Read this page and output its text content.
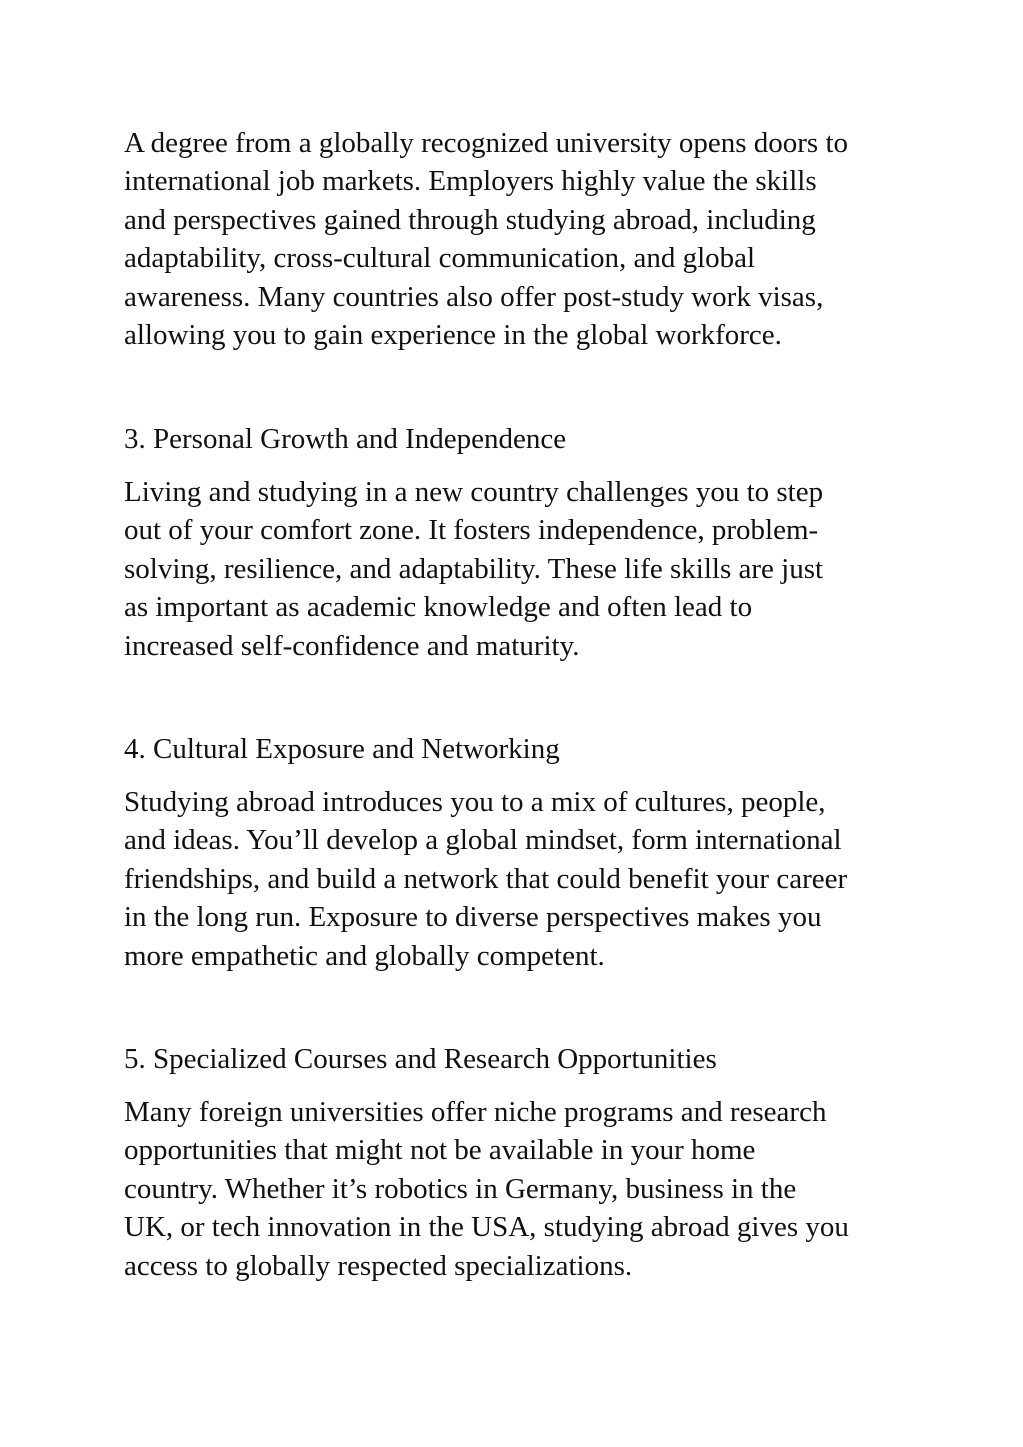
A degree from a globally recognized university opens doors to
international job markets. Employers highly value the skills
and perspectives gained through studying abroad, including
adaptability, cross-cultural communication, and global
awareness. Many countries also offer post-study work visas,
allowing you to gain experience in the global workforce.

3. Personal Growth and Independence

Living and studying in a new country challenges you to step
out of your comfort zone. It fosters independence, problem-
solving, resilience, and adaptability. These life skills are just
as important as academic knowledge and often lead to
increased self-confidence and maturity.

4. Cultural Exposure and Networking

Studying abroad introduces you to a mix of cultures, people,
and ideas. You’ll develop a global mindset, form international
friendships, and build a network that could benefit your career
in the long run. Exposure to diverse perspectives makes you
more empathetic and globally competent.

5. Specialized Courses and Research Opportunities

Many foreign universities offer niche programs and research
opportunities that might not be available in your home
country. Whether it’s robotics in Germany, business in the
UK, or tech innovation in the USA, studying abroad gives you
access to globally respected specializations.
